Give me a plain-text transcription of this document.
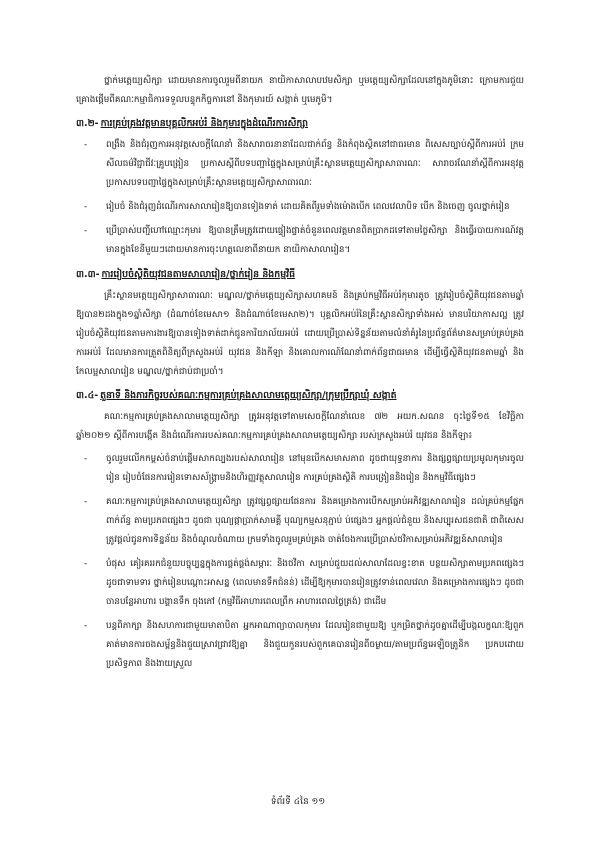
ថ្នាក់មត្តេយ្យសិក្សា ដោយមានការចូលរួមពីនាយក នាយិកាសាលាបឋមសិក្សា ឬមត្តេយ្យសិក្សាដែលនៅក្នុងភូមិនោះ ក្រោមការជួយគ្រោងផ្ដើមពីគណៈកម្មាធិការទទួលបន្ទុកកិច្ចការនៅ និងកុមារយ៍ សង្កាត់ ឬមេភូមិ។

៣.២- ការគ្រប់គ្រងវត្តមានបុគ្គលិកអប់រំ និងកុមារក្នុងដំណើរការសិក្សា
- ពង្រឹង និងជំរុញការអនុវត្តសេចក្ដីណែនាំ និងសារាចរនានាដែលជាក់ព័ន្ធ និងកំពុងស្ថិតនៅជាធរមាន ពិសេសច្បាប់ស្ដីពីការអប់រំ ក្រមសីលធម៌វិជ្ជាជីវៈគ្រូបង្រៀន ប្រកាសស្ដីពីបទបញ្ជាផ្ទៃក្នុងសម្រាប់គ្រឹះស្ថានមត្តេយ្យសិក្សាសាធារណៈ សារាចរណែនាំស្ដីពីការអនុវត្តប្រកាសបទបញ្ជាផ្ទៃក្នុងសម្រាប់គ្រឹះស្ថានមត្តេយ្យសិក្សាសាធារណៈ
- រៀបចំ និងជំរុញដំណើរការសាលារៀនឱ្យបានទៀងទាត់ ដោយគិតពីរួមទាំងម៉ោងបើក ពេលវេលាបិទ បើក និងចេញ ចូលថ្នាក់រៀន
- ប្រើប្រាស់បញ្ជីហៅឈ្មោះកុមារ ឱ្យបានត្រឹមត្រូវដោយផ្ទៀងផ្ទាត់ចំនួនពេលវត្តមានពិតប្រាកដទៅតាមថ្ងៃសិក្សា និងធ្វើរបាយការណ៍វត្តមានក្នុងខែនីមួយៗដោយមានការចុះហត្ថលេខាពីនាយក នាយិកាសាលារៀន។
៣.៣- ការរៀបចំស្ថិតិយុវជនតាមសាលារៀន/ថ្នាក់រៀន និងកម្មវិធី

គ្រឹះស្ថានមត្តេយ្យសិក្សាសាធារណៈ មណ្ឌល/ថ្នាក់មត្តេយ្យសិក្សាសហគមន៍ និងគ្រប់កម្មវិធីអប់រំកុមារតូច ត្រូវរៀបចំស្ថិតិយុវជនតាមឆ្នាំ ឱ្យបាន២ដងក្នុង១ឆ្នាំសិក្សា (ដំណាច់ខែមេសា១ និងដំណាច់ខែមេសា២)។ បុគ្គលិកអប់រំនៃគ្រឹះស្ថានសិក្សាទាំងអស់ មានបរិយាកាសល្អ ត្រូវរៀបចំស្ថិតិយុវជនតាមការងារឱ្យបានទៀងទាត់ដាក់ជូនការិយាល័យអប់រំ ដោយប្រើប្រាស់ទិន្នន័យតាមលំនាំគំរូនៃប្រព័ន្ធព័ត៌មានសម្រាប់គ្រប់គ្រងការអប់រំ ដែលមានការត្រួតពិនិត្យពីក្រសួងអប់រំ យុវជន និងកីឡា និងគោលការណ៍ណែនាំពាក់ព័ន្ធជាធរមាន ដើម្បីធ្វើស្ថិតិយុវជនតាមឆ្នាំ និងកែលម្អសាលារៀន មណ្ឌល/ថ្នាក់ជាប់ជាប្រចាំ។

៣.៤- តួនាទី និងភារកិច្ចរបស់គណៈកម្មការគ្រប់គ្រងសាលាមត្តេយ្យសិក្សា/ក្រុមប្រឹក្សាឃុំ សង្កាត់

គណៈកម្មការគ្រប់គ្រងសាលាមត្តេយ្យសិក្សា ត្រូវអនុវត្តទៅតាមសេចក្ដីណែនាំលេខ ៧២ អយក.សណន ចុះថ្ងៃទី១៥ ខែវិច្ឆិកា ឆ្នាំ២០២១ ស្ដីពីការបង្កើត និងដំណើរការរបស់គណៈកម្មការគ្រប់គ្រងសាលាមត្តេយ្យសិក្សា របស់ក្រសួងអប់រំ យុវជន និងកីឡា៖

- ចូលរួមលើកកម្ពស់ចំនាប់ផ្ដើមសាកល្បងរបស់សាលារៀន នៅមុនបើកសមាសភាព ដូចជាយុទ្ធនាការ និងផ្សព្វផ្សាយប្រមូលកុមារចូលរៀន រៀបចំផែនការរៀនទោសស័ង្គ្រាមនិងហិរញ្ញវត្ថុសាលារៀន ការគ្រប់គ្រងស្ថិតិ ការបង្រៀននិងរៀន និងកម្មវិធីផ្សេងៗ
- គណៈកម្មការគ្រប់គ្រងសាលាមត្តេយ្យសិក្សា ត្រូវផ្សព្វផ្សាយផែនការ និងគម្រោងការបើកសម្រាប់អភិវឌ្ឍសាលារៀន ដល់គ្រប់កម្មផ្នែកពាក់ព័ន្ធ តាមប្រភពផ្សេងៗ ដូចជា បុណ្យផ្កាប្រាក់សាមគ្គី បុណ្យកម្មសនុភ្ជាប់ ប់ផ្សេងៗ អ្នកផ្ដល់ជំនួយ និងសប្បុរសជនជាតិ ជាពិសេសត្រូវផ្ដល់ជូនការទិន្នន័យ និងចំណូលចំណាយ ក្រមទាំងចូលរួមគ្រប់គ្រង ចាត់ចែងការប្រើប្រាស់ថវិកាសម្រាប់អភិវឌ្ឍន៍សាលារៀន
- បំផុស គៀរគររកជំនួយបច្ចុប្បន្នក្នុងការផ្គត់ផ្គង់សម្ភារៈ និងថវិកា សម្រាប់ជួយដល់សាលាដែលខ្វះខាត បន្ថយសិក្សាតាមប្រភពផ្សេងៗ ដូចជាទាមទារ ថ្នាក់រៀនបណ្ដោះអាសន្ន (ពេលមានទឹកជំនន់) ដើម្បីឱ្យកុមារបានរៀនត្រូវទាន់ពេលវេលា និងគម្រោងការផ្សេងៗ ដូចជា ចានបន្លែអាហារ បង្គានទឹក ចុងភៅ (កម្មវិធីអាហារពេលព្រឹក អាហារពេលថ្ងៃត្រង់) ជាដើម
- បន្តពិភាក្សា និងសហការជាមួយមាតាបិតា អ្នកអាណាព្យាបាលកុមារ ដែលរៀនជាមួយឱ្យ ឬកម្រិតថ្នាក់ដូចគ្នាដើម្បីបង្កលក្ខណៈឱ្យពួកគាត់មានការចងសម្ព័ន្ធនិងជួយស្រាវជ្រាវឱ្យគ្នា និងជួយកូនរបស់ពួកគេបានរៀនពីចម្ងាយ/តាមប្រព័ន្ធអេឡិចត្រូនិក ប្រកបដោយប្រសិទ្ធភាព និងងាយស្រួល
ទំព័រទី ៤នៃ ១១
